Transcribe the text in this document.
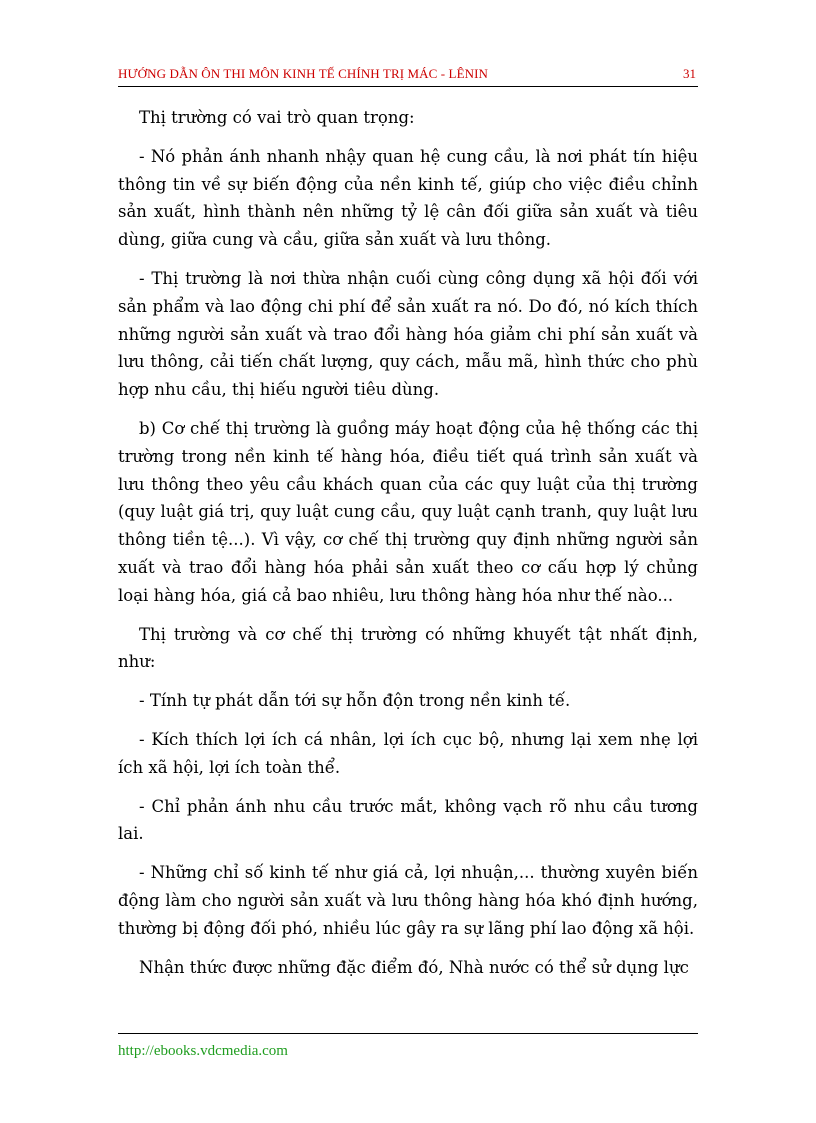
HƯỚNG DẪN ÔN THI MÔN KINH TẾ CHÍNH TRỊ MÁC - LÊNIN	31

Thị trường có vai trò quan trọng:

- Nó phản ánh nhanh nhậy quan hệ cung cầu, là nơi phát tín hiệu thông tin về sự biến động của nền kinh tế, giúp cho việc điều chỉnh sản xuất, hình thành nên những tỷ lệ cân đối giữa sản xuất và tiêu dùng, giữa cung và cầu, giữa sản xuất và lưu thông.

- Thị trường là nơi thừa nhận cuối cùng công dụng xã hội đối với sản phẩm và lao động chi phí để sản xuất ra nó. Do đó, nó kích thích những người sản xuất và trao đổi hàng hóa giảm chi phí sản xuất và lưu thông, cải tiến chất lượng, quy cách, mẫu mã, hình thức cho phù hợp nhu cầu, thị hiếu người tiêu dùng.

b) Cơ chế thị trường là guồng máy hoạt động của hệ thống các thị trường trong nền kinh tế hàng hóa, điều tiết quá trình sản xuất và lưu thông theo yêu cầu khách quan của các quy luật của thị trường (quy luật giá trị, quy luật cung cầu, quy luật cạnh tranh, quy luật lưu thông tiền tệ...). Vì vậy, cơ chế thị trường quy định những người sản xuất và trao đổi hàng hóa phải sản xuất theo cơ cấu hợp lý chủng loại hàng hóa, giá cả bao nhiêu, lưu thông hàng hóa như thế nào...

Thị trường và cơ chế thị trường có những khuyết tật nhất định, như:

- Tính tự phát dẫn tới sự hỗn độn trong nền kinh tế.

- Kích thích lợi ích cá nhân, lợi ích cục bộ, nhưng lại xem nhẹ lợi ích xã hội, lợi ích toàn thể.

- Chỉ phản ánh nhu cầu trước mắt, không vạch rõ nhu cầu tương lai.

- Những chỉ số kinh tế như giá cả, lợi nhuận,... thường xuyên biến động làm cho người sản xuất và lưu thông hàng hóa khó định hướng, thường bị động đối phó, nhiều lúc gây ra sự lãng phí lao động xã hội.

Nhận thức được những đặc điểm đó, Nhà nước có thể sử dụng lực

http://ebooks.vdcmedia.com
